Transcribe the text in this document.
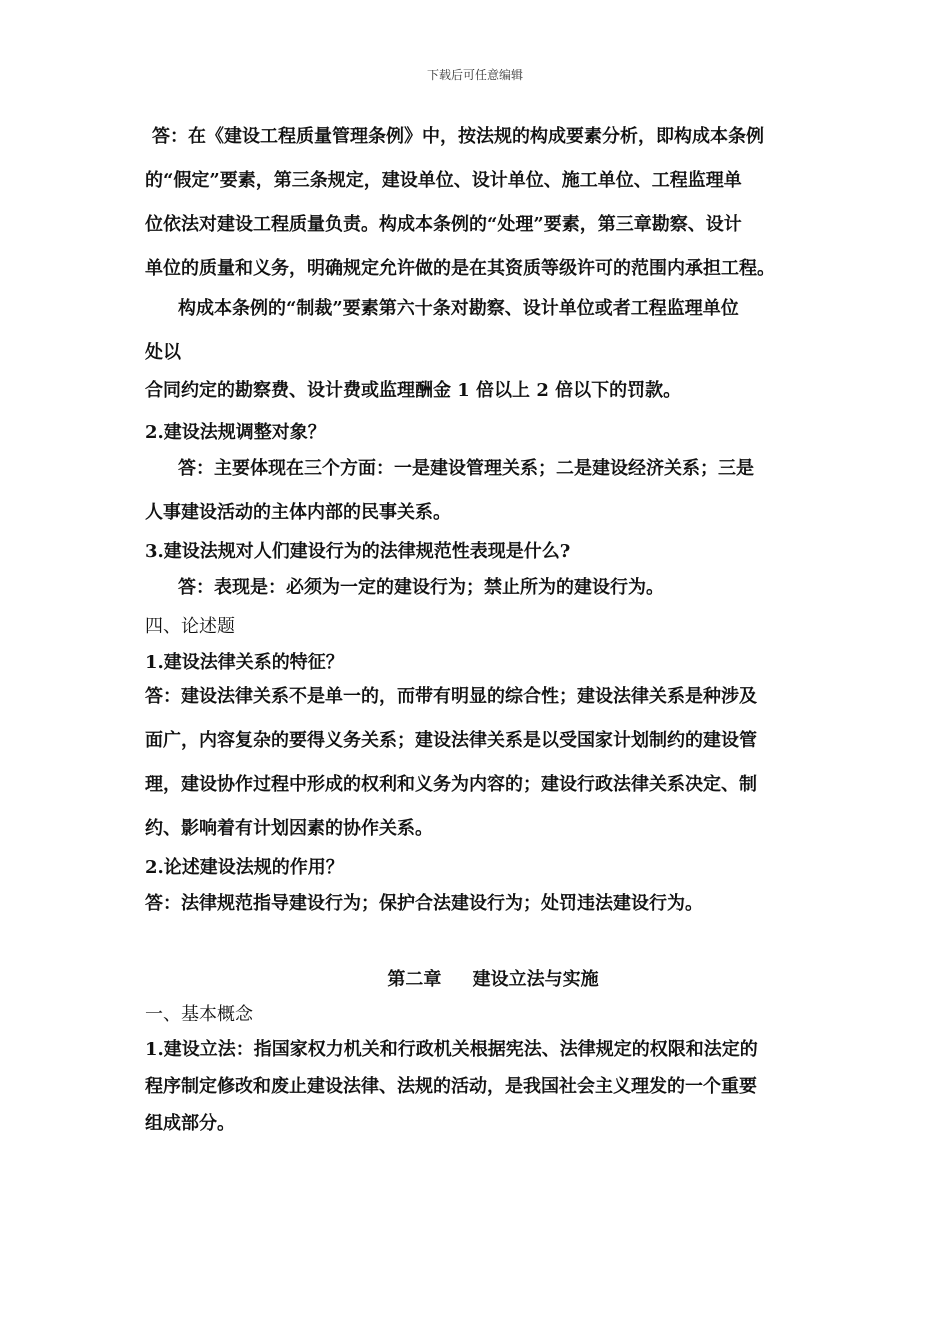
下载后可任意编辑
答：在《建设工程质量管理条例》中，按法规的构成要素分析，即构成本条例
的“假定”要素，第三条规定，建设单位、设计单位、施工单位、工程监理单
位依法对建设工程质量负责。构成本条例的“处理”要素，第三章勘察、设计
单位的质量和义务，明确规定允许做的是在其资质等级许可的范围内承担工程。
构成本条例的“制裁”要素第六十条对勘察、设计单位或者工程监理单位
处以
合同约定的勘察费、设计费或监理酬金 1 倍以上 2 倍以下的罚款。
2.建设法规调整对象？
答：主要体现在三个方面：一是建设管理关系；二是建设经济关系；三是
人事建设活动的主体内部的民事关系。
3.建设法规对人们建设行为的法律规范性表现是什么?
答：表现是：必须为一定的建设行为；禁止所为的建设行为。
四、论述题
1.建设法律关系的特征？
答：建设法律关系不是单一的，而带有明显的综合性；建设法律关系是种涉及
面广，内容复杂的要得义务关系；建设法律关系是以受国家计划制约的建设管
理，建设协作过程中形成的权利和义务为内容的；建设行政法律关系决定、制
约、影响着有计划因素的协作关系。
2.论述建设法规的作用？
答：法律规范指导建设行为；保护合法建设行为；处罚违法建设行为。
第二章     建设立法与实施
一、基本概念
1.建设立法：指国家权力机关和行政机关根据宪法、法律规定的权限和法定的
程序制定修改和废止建设法律、法规的活动，是我国社会主义理发的一个重要
组成部分。
